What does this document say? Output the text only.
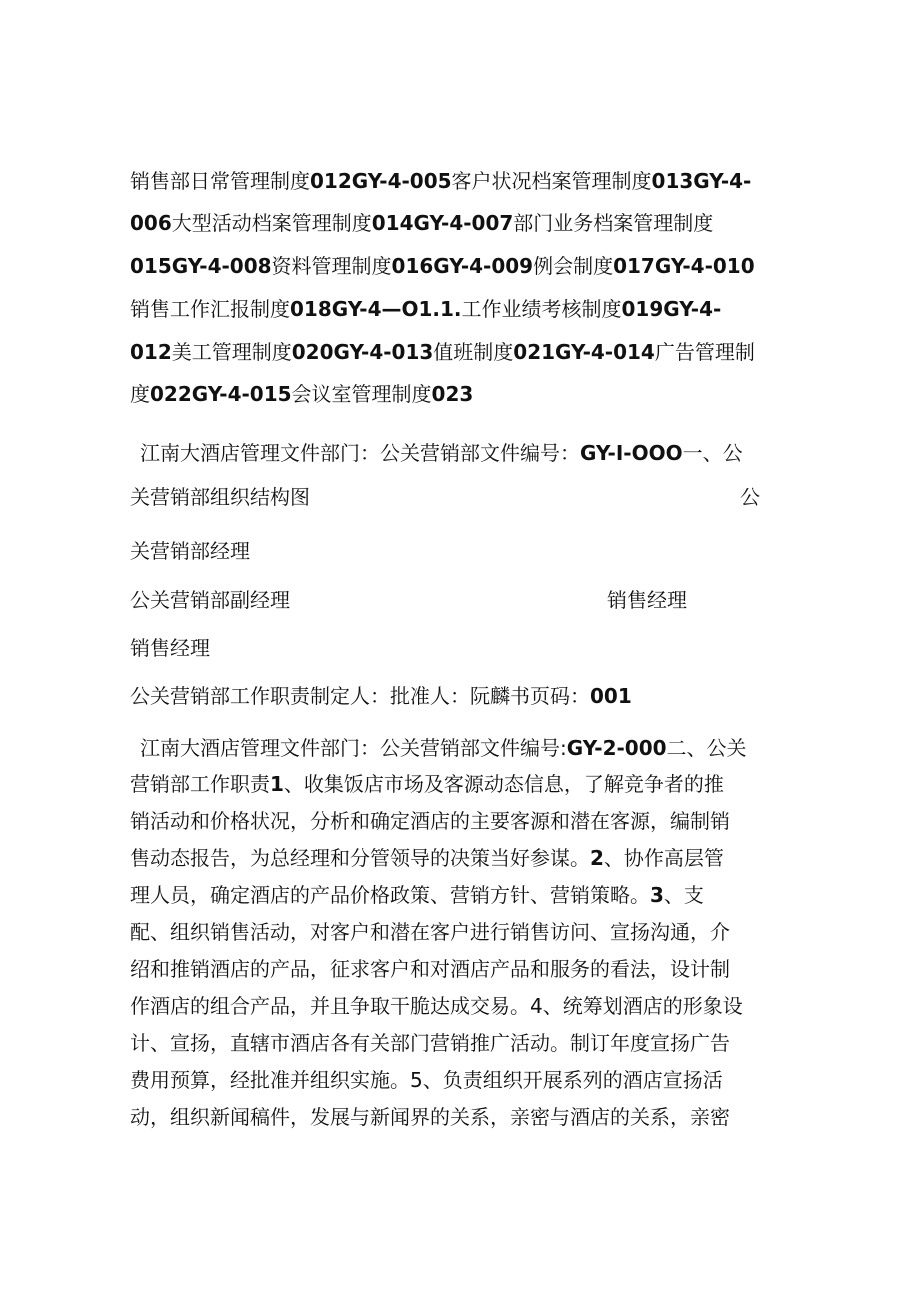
销售部日常管理制度012GY-4-005客户状况档案管理制度013GY-4-
006大型活动档案管理制度014GY-4-007部门业务档案管理制度
015GY-4-008资料管理制度016GY-4-009例会制度017GY-4-010
销售工作汇报制度018GY-4—O1.1.工作业绩考核制度019GY-4-
012美工管理制度020GY-4-013值班制度021GY-4-014广告管理制
度022GY-4-015会议室管理制度023
江南大酒店管理文件部门：公关营销部文件编号：GY-I-OOO一、公
关营销部组织结构图	公
关营销部经理
公关营销部副经理	销售经理
销售经理
公关营销部工作职责制定人：批准人：阮麟书页码：001
江南大酒店管理文件部门：公关营销部文件编号:GY-2-000二、公关
营销部工作职责1、收集饭店市场及客源动态信息，了解竞争者的推
销活动和价格状况，分析和确定酒店的主要客源和潜在客源，编制销
售动态报告，为总经理和分管领导的决策当好参谋。2、协作高层管
理人员，确定酒店的产品价格政策、营销方针、营销策略。3、支
配、组织销售活动，对客户和潜在客户进行销售访问、宣扬沟通，介
绍和推销酒店的产品，征求客户和对酒店产品和服务的看法，设计制
作酒店的组合产品，并且争取干脆达成交易。4、统筹划酒店的形象设
计、宣扬，直辖市酒店各有关部门营销推广活动。制订年度宣扬广告
费用预算，经批准并组织实施。5、负责组织开展系列的酒店宣扬活
动，组织新闻稿件，发展与新闻界的关系，亲密与酒店的关系，亲密
